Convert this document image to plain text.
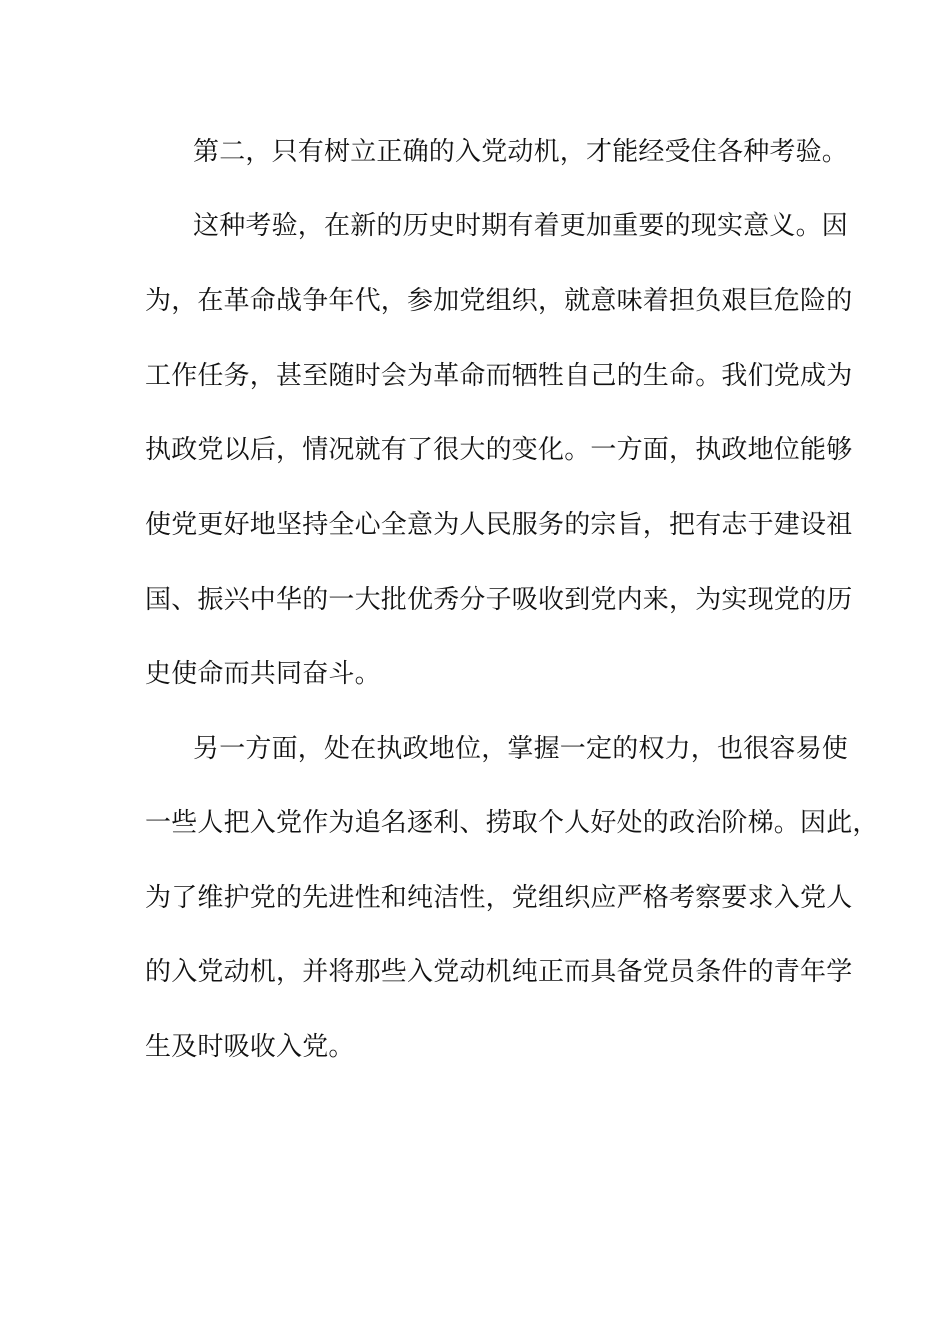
第二，只有树立正确的入党动机，才能经受住各种考验。
这种考验，在新的历史时期有着更加重要的现实意义。因
为，在革命战争年代，参加党组织，就意味着担负艰巨危险的
工作任务，甚至随时会为革命而牺牲自己的生命。我们党成为
执政党以后，情况就有了很大的变化。一方面，执政地位能够
使党更好地坚持全心全意为人民服务的宗旨，把有志于建设祖
国、振兴中华的一大批优秀分子吸收到党内来，为实现党的历
史使命而共同奋斗。
另一方面，处在执政地位，掌握一定的权力，也很容易使
一些人把入党作为追名逐利、捞取个人好处的政治阶梯。因此，
为了维护党的先进性和纯洁性，党组织应严格考察要求入党人
的入党动机，并将那些入党动机纯正而具备党员条件的青年学
生及时吸收入党。
